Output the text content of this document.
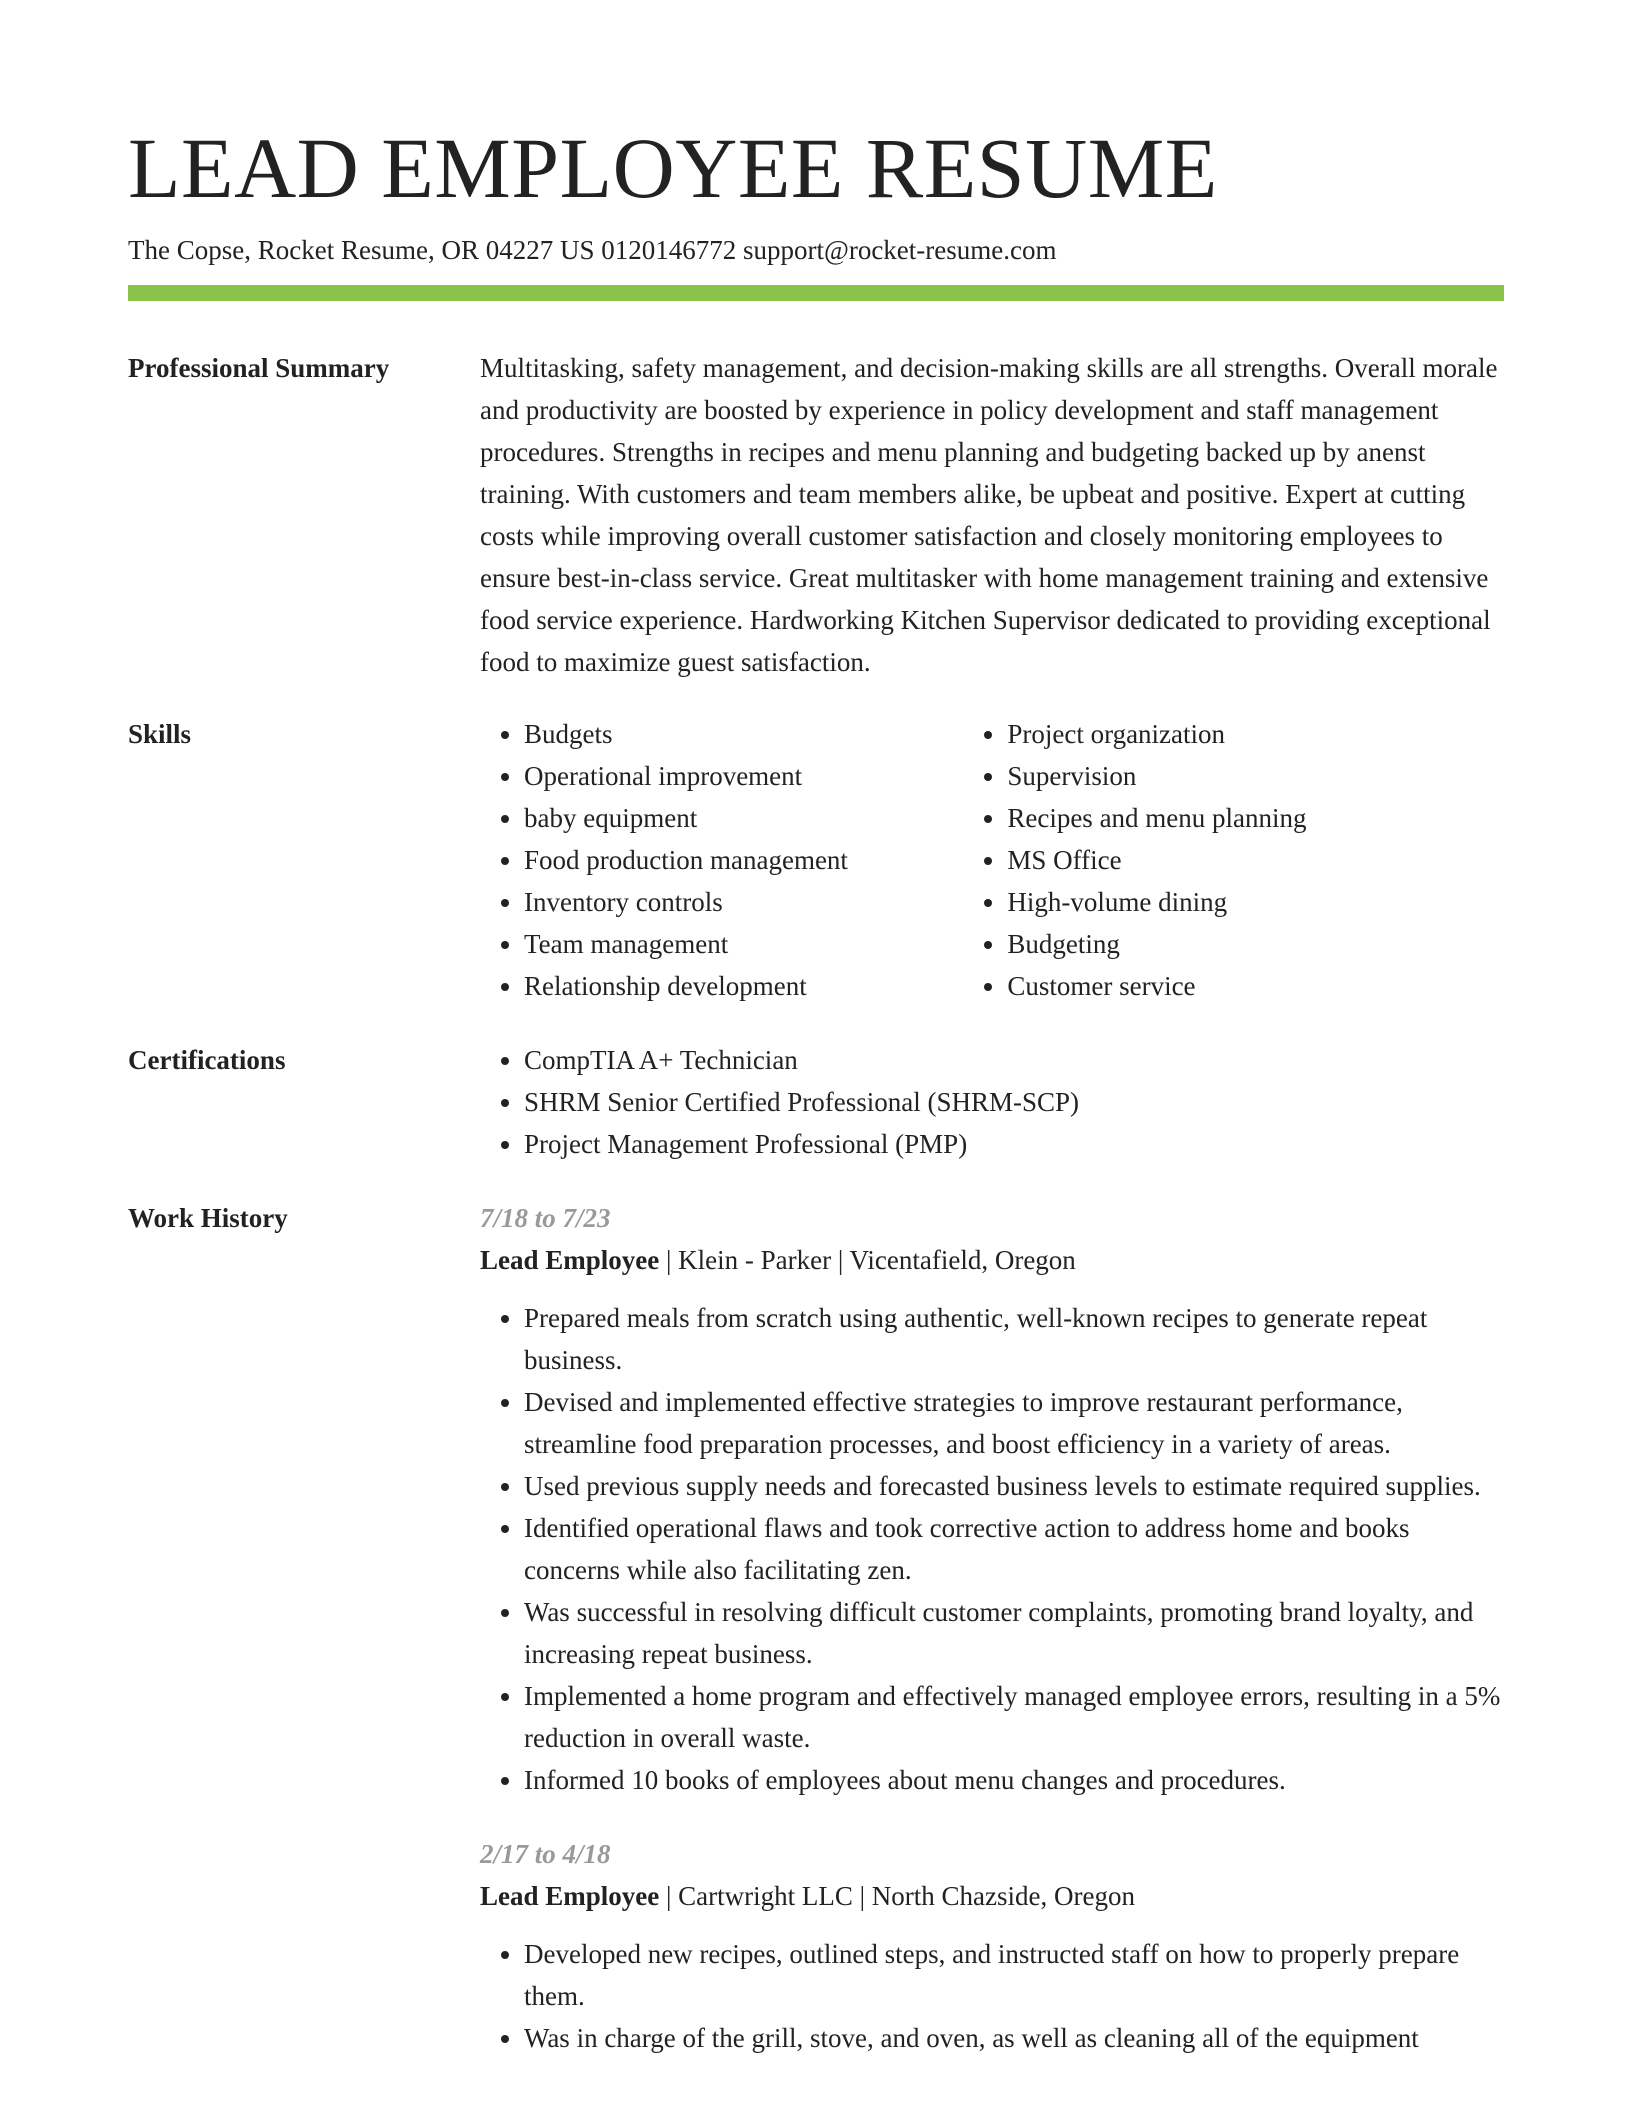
LEAD EMPLOYEE RESUME
The Copse, Rocket Resume, OR 04227 US 0120146772 support@rocket-resume.com
Professional Summary	Multitasking, safety management, and decision-making skills are all strengths. Overall morale and productivity are boosted by experience in policy development and staff management procedures. Strengths in recipes and menu planning and budgeting backed up by anenst training. With customers and team members alike, be upbeat and positive. Expert at cutting costs while improving overall customer satisfaction and closely monitoring employees to ensure best-in-class service. Great multitasker with home management training and extensive food service experience. Hardworking Kitchen Supervisor dedicated to providing exceptional food to maximize guest satisfaction.

Skills	• Budgets
• Operational improvement
• baby equipment
• Food production management
• Inventory controls
• Team management
• Relationship development
• Project organization
• Supervision
• Recipes and menu planning
• MS Office
• High-volume dining
• Budgeting
• Customer service
Certifications	• CompTIA A+ Technician
• SHRM Senior Certified Professional (SHRM-SCP)
• Project Management Professional (PMP)
Work History	7/18 to 7/23
Lead Employee | Klein - Parker | Vicentafield, Oregon
• Prepared meals from scratch using authentic, well-known recipes to generate repeat business.
• Devised and implemented effective strategies to improve restaurant performance, streamline food preparation processes, and boost efficiency in a variety of areas.
• Used previous supply needs and forecasted business levels to estimate required supplies.
• Identified operational flaws and took corrective action to address home and books concerns while also facilitating zen.
• Was successful in resolving difficult customer complaints, promoting brand loyalty, and increasing repeat business.
• Implemented a home program and effectively managed employee errors, resulting in a 5% reduction in overall waste.
• Informed 10 books of employees about menu changes and procedures.
2/17 to 4/18
Lead Employee | Cartwright LLC | North Chazside, Oregon
• Developed new recipes, outlined steps, and instructed staff on how to properly prepare them.
• Was in charge of the grill, stove, and oven, as well as cleaning all of the equipment
